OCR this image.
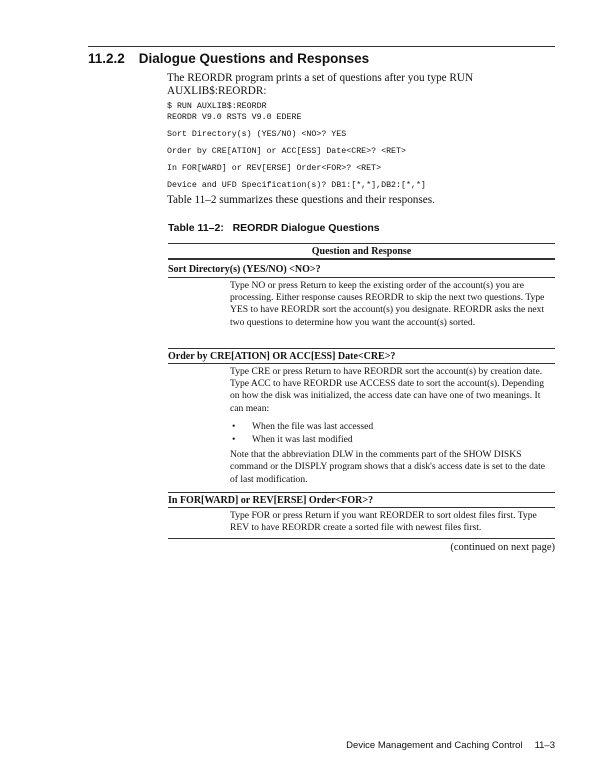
11.2.2 Dialogue Questions and Responses
The REORDR program prints a set of questions after you type RUN AUXLIB$:REORDR:
$ RUN AUXLIB$:REORDR
REORDR V9.0 RSTS V9.0 EDERE
Sort Directory(s) (YES/NO) <NO>? YES
Order by CRE[ATION] or ACC[ESS] Date<CRE>? <RET>
In FOR[WARD] or REV[ERSE] Order<FOR>? <RET>
Device and UFD Specification(s)? DB1:[*,*],DB2:[*,*]
Table 11–2 summarizes these questions and their responses.
Table 11–2:   REORDR Dialogue Questions
Question and Response
Sort Directory(s) (YES/NO) <NO>?

Type NO or press Return to keep the existing order of the account(s) you are processing. Either response causes REORDR to skip the next two questions. Type YES to have REORDR sort the account(s) you designate. REORDR asks the next two questions to determine how you want the account(s) sorted.

Order by CRE[ATION] OR ACC[ESS] Date<CRE>?

Type CRE or press Return to have REORDR sort the account(s) by creation date. Type ACC to have REORDR use ACCESS date to sort the account(s). Depending on how the disk was initialized, the access date can have one of two meanings. It can mean:

• When the file was last accessed
• When it was last modified

Note that the abbreviation DLW in the comments part of the SHOW DISKS command or the DISPLY program shows that a disk's access date is set to the date of last modification.

In FOR[WARD] or REV[ERSE] Order<FOR>?

Type FOR or press Return if you want REORDER to sort oldest files first. Type REV to have REORDR create a sorted file with newest files first.

(continued on next page)
Device Management and Caching Control 11–3
